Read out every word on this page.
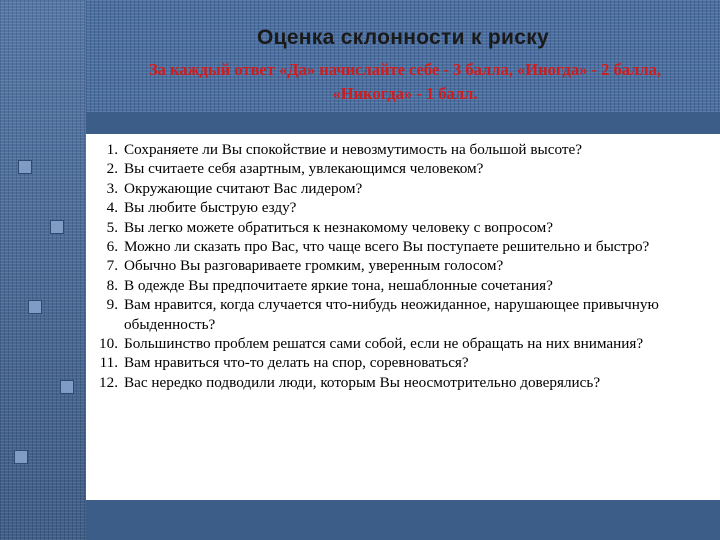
Оценка склонности к риску
За каждый ответ «Да» начислайте себе - 3 балла, «Иногда» - 2 балла, «Никогда» - 1 балл.
1. Сохраняете ли Вы спокойствие и невозмутимость на большой высоте?
2. Вы считаете себя азартным, увлекающимся человеком?
3. Окружающие считают Вас лидером?
4. Вы любите быструю езду?
5. Вы легко можете обратиться к незнакомому человеку с вопросом?
6. Можно ли сказать про Вас, что чаще всего Вы поступаете решительно и быстро?
7. Обычно Вы разговариваете громким, уверенным голосом?
8. В одежде Вы предпочитаете яркие тона, нешаблонные сочетания?
9. Вам нравится, когда случается что-нибудь неожиданное, нарушающее привычную обыденность?
10. Большинство проблем решатся сами собой, если не обращать на них внимания?
11. Вам нравиться что-то делать на спор, соревноваться?
12. Вас нередко подводили люди, которым Вы неосмотрительно доверялись?
